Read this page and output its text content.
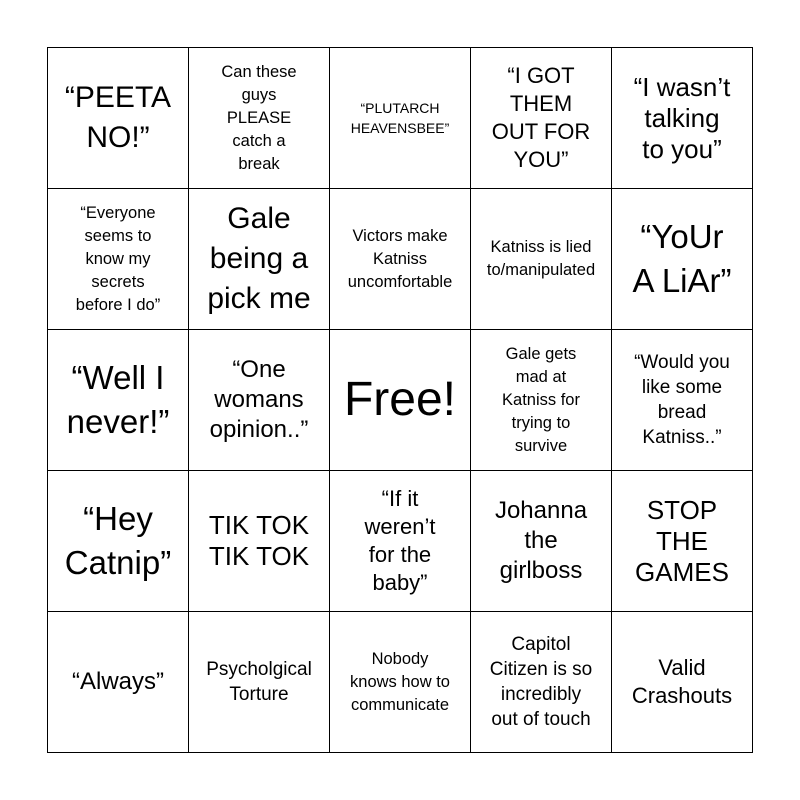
“PEETA
NO!”
Can these
guys
PLEASE
catch a
break
“PLUTARCH
HEAVENSBEE”
“I GOT
THEM
OUT FOR
YOU”
“I wasn’t
talking
to you”
“Everyone
seems to
know my
secrets
before I do”
Gale
being a
pick me
Victors make
Katniss
uncomfortable
Katniss is lied
to/manipulated
“YoUr
A LiAr”
“Well I
never!”
“One
womans
opinion..”
Free!
Gale gets
mad at
Katniss for
trying to
survive
“Would you
like some
bread
Katniss..”
“Hey
Catnip”
TIK TOK
TIK TOK
“If it
weren’t
for the
baby”
Johanna
the
girlboss
STOP
THE
GAMES
“Always” Psycholgical
Torture
Nobody
knows how to
communicate
Capitol
Citizen is so
incredibly
out of touch
Valid
Crashouts
